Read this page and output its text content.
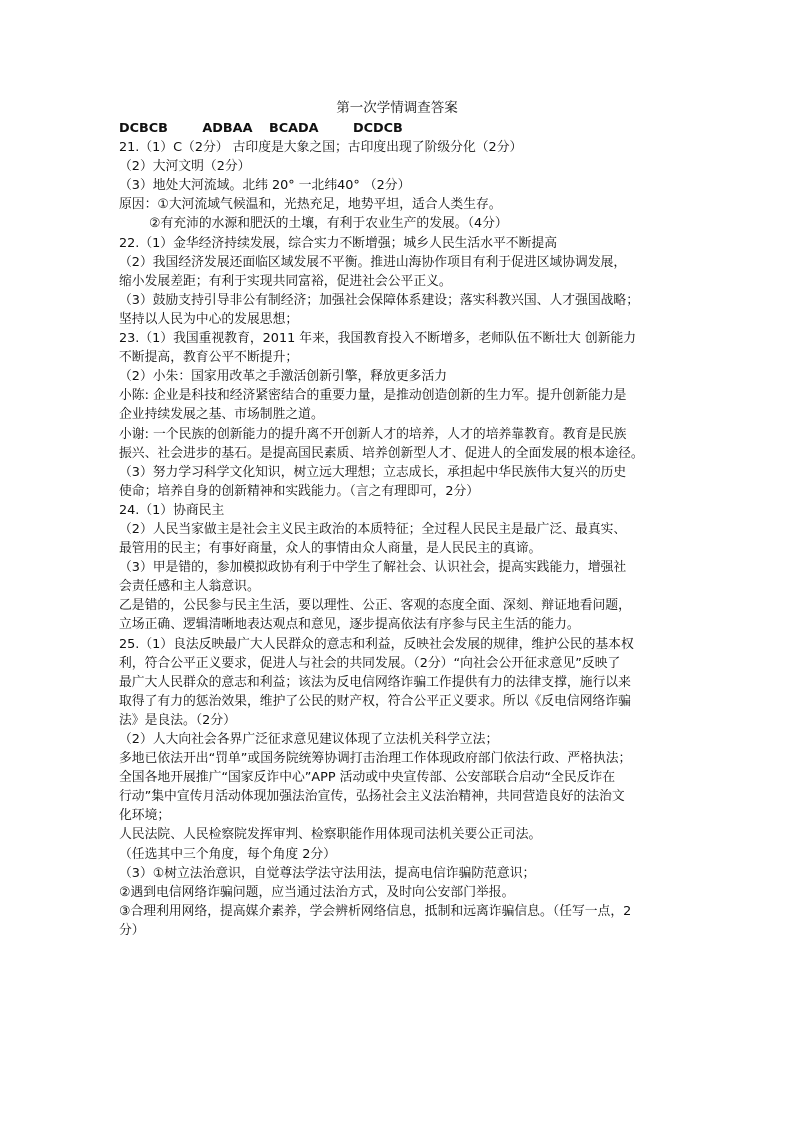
第一次学情调查答案
DCBCB	ADBAA BCADA	DCDCB
21.（1）C（2分） 古印度是大象之国；古印度出现了阶级分化（2分）
（2）大河文明（2分）
（3）地处大河流域。北纬 20° 一北纬40° （2分）
原因：①大河流域气候温和，光热充足，地势平坦，适合人类生存。
②有充沛的水源和肥沃的土壤，有利于农业生产的发展。（4分）
22.（1）金华经济持续发展，综合实力不断增强；城乡人民生活水平不断提高
（2）我国经济发展还面临区域发展不平衡。推进山海协作项目有利于促进区域协调发展，
缩小发展差距；有利于实现共同富裕，促进社会公平正义。
（3）鼓励支持引导非公有制经济；加强社会保障体系建设；落实科教兴国、人才强国战略；
坚持以人民为中心的发展思想；
23.（1）我国重视教育，2011 年来，我国教育投入不断增多，老师队伍不断壮大 创新能力
不断提高，教育公平不断提升；
（2）小朱：国家用改革之手激活创新引擎，释放更多活力
小陈: 企业是科技和经济紧密结合的重要力量，是推动创造创新的生力军。提升创新能力是
企业持续发展之基、市场制胜之道。
小谢: 一个民族的创新能力的提升离不开创新人才的培养，人才的培养靠教育。教育是民族
振兴、社会进步的基石。是提高国民素质、培养创新型人才、促进人的全面发展的根本途径。
（3）努力学习科学文化知识，树立远大理想；立志成长，承担起中华民族伟大复兴的历史
使命；培养自身的创新精神和实践能力。（言之有理即可，2分）
24.（1）协商民主
（2）人民当家做主是社会主义民主政治的本质特征；全过程人民民主是最广泛、最真实、
最管用的民主；有事好商量，众人的事情由众人商量，是人民民主的真谛。
（3）甲是错的，参加模拟政协有利于中学生了解社会、认识社会，提高实践能力，增强社
会责任感和主人翁意识。
乙是错的，公民参与民主生活，要以理性、公正、客观的态度全面、深刻、辩证地看问题，
立场正确、逻辑清晰地表达观点和意见，逐步提高依法有序参与民主生活的能力。
25.（1）良法反映最广大人民群众的意志和利益，反映社会发展的规律，维护公民的基本权
利，符合公平正义要求，促进人与社会的共同发展。（2分）“向社会公开征求意见”反映了
最广大人民群众的意志和利益；该法为反电信网络诈骗工作提供有力的法律支撑，施行以来
取得了有力的惩治效果，维护了公民的财产权，符合公平正义要求。所以《反电信网络诈骗
法》是良法。（2分）
（2）人大向社会各界广泛征求意见建议体现了立法机关科学立法；
多地已依法开出“罚单”或国务院统筹协调打击治理工作体现政府部门依法行政、严格执法；
全国各地开展推广“国家反诈中心”APP 活动或中央宣传部、公安部联合启动“全民反诈在
行动”集中宣传月活动体现加强法治宣传，弘扬社会主义法治精神，共同营造良好的法治文
化环境；
人民法院、人民检察院发挥审判、检察职能作用体现司法机关要公正司法。
（任选其中三个角度，每个角度 2分）
（3）①树立法治意识，自觉尊法学法守法用法，提高电信诈骗防范意识；
②遇到电信网络诈骗问题，应当通过法治方式，及时向公安部门举报。
③合理利用网络，提高媒介素养，学会辨析网络信息，抵制和远离诈骗信息。（任写一点，2
分）
